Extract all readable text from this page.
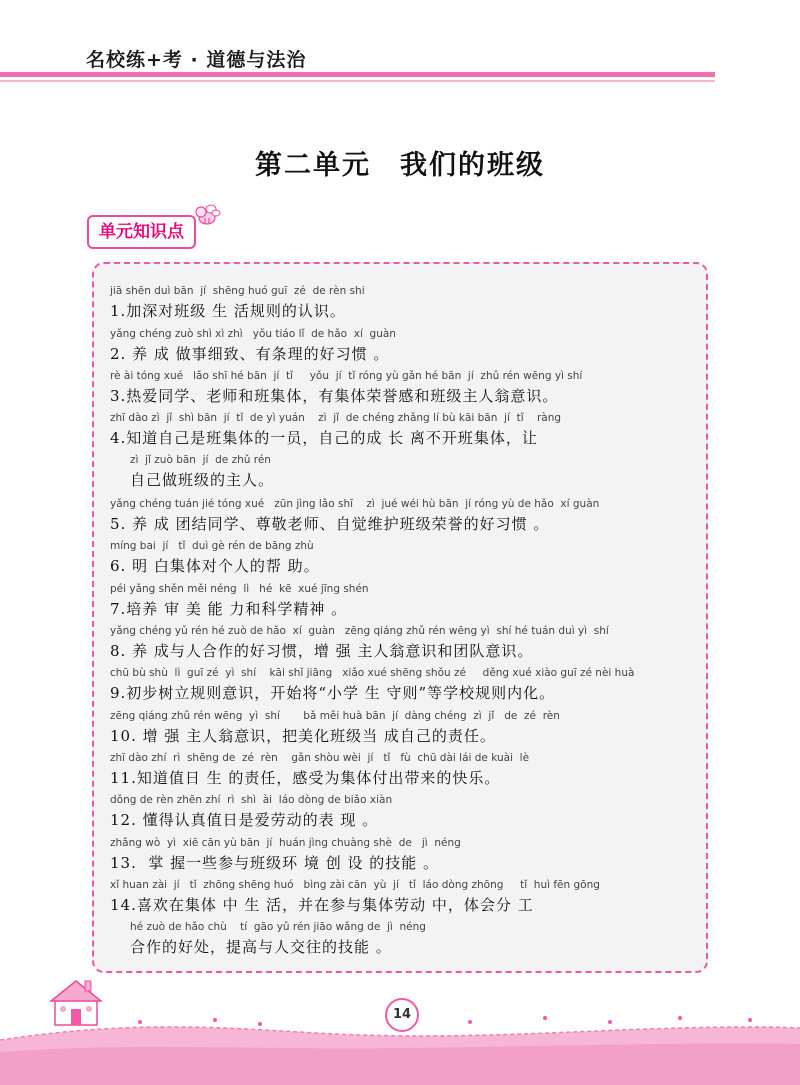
名校练+考 · 道德与法治
第二单元　我们的班级
单元知识点
jiā shēn duì bān  jí  shēng huó guī  zé  de rèn shi
1.加深对班级 生 活规则的认识。
yǎng chéng zuò shì xì zhì   yǒu tiáo lǐ  de hǎo  xí  guàn
2. 养 成 做事细致、有条理的好习惯 。
rè ài tóng xué   lǎo shī hé bān  jí  tǐ     yǒu  jí  tǐ róng yù gǎn hé bān  jí  zhǔ rén wēng yì shí
3.热爱同学、老师和班集体，有集体荣誉感和班级主人翁意识。
zhī dào zì  jǐ  shì bān  jí  tǐ  de yì yuán    zì  jǐ  de chéng zhǎng lí bù kāi bān  jí  tǐ    ràng
4.知道自己是班集体的一员，自己的成 长 离不开班集体，让
zì  jǐ zuò bān  jí  de zhǔ rén
自己做班级的主人。
yǎng chéng tuán jié tóng xué   zūn jìng lǎo shī    zì  jué wéi hù bān  jí róng yù de hǎo  xí guàn
5. 养 成 团结同学、尊敬老师、自觉维护班级荣誉的好习惯 。
míng bai  jí   tǐ  duì gè rén de bāng zhù
6. 明 白集体对个人的帮 助。
péi yǎng shěn měi néng  lì   hé  kē  xué jīng shén
7.培养 审 美 能 力和科学精神 。
yǎng chéng yǔ rén hé zuò de hǎo  xí  guàn   zēng qiáng zhǔ rén wēng yì  shí hé tuán duì yì  shí
8. 养 成与人合作的好习惯，增 强 主人翁意识和团队意识。
chū bù shù  lì  guī zé  yì  shí    kāi shǐ jiāng   xiǎo xué shēng shǒu zé     děng xué xiào guī zé nèi huà
9.初步树立规则意识，开始将“小学 生 守则”等学校规则内化。
zēng qiáng zhǔ rén wēng  yì  shí       bǎ měi huà bān  jí  dàng chéng  zì  jǐ   de  zé  rèn
10. 增 强 主人翁意识，把美化班级当 成自己的责任。
zhī dào zhí  rì  shēng de  zé  rèn    gǎn shòu wèi  jí   tǐ   fù  chū dài lái de kuài  lè
11.知道值日 生 的责任，感受为集体付出带来的快乐。
dǒng de rèn zhēn zhí  rì  shì  ài  láo dòng de biǎo xiàn
12. 懂得认真值日是爱劳动的表 现 。
zhǎng wò  yì  xiē cān yù bān  jí  huán jìng chuàng shè  de   jì  néng
13.  掌 握一些参与班级环 境 创 设 的技能 。
xǐ huan zài  jí   tǐ  zhōng shēng huó   bìng zài cān  yù  jí   tǐ  láo dòng zhōng     tǐ  huì fēn gōng
14.喜欢在集体 中 生 活，并在参与集体劳动 中，体会分 工
hé zuò de hǎo chù    tí  gāo yǔ rén jiāo wǎng de  jì  néng
合作的好处，提高与人交往的技能 。
14
